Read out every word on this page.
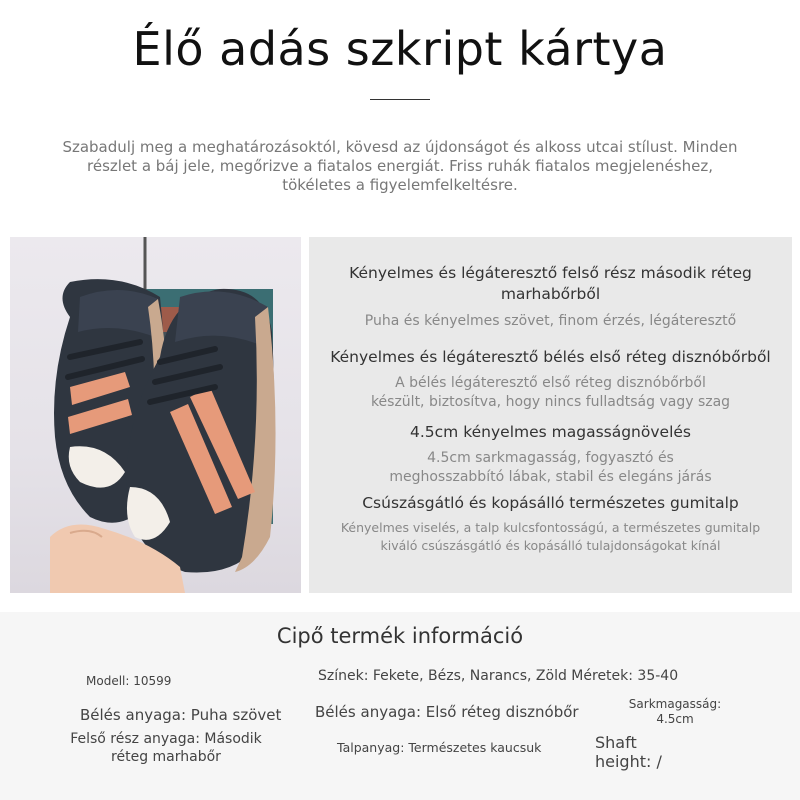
Élő adás szkript kártya
Szabadulj meg a meghatározásoktól, kövesd az újdonságot és alkoss utcai stílust. Minden részlet a báj jele, megőrizve a fiatalos energiát. Friss ruhák fiatalos megjelenéshez, tökéletes a figyelemfelkeltésre.
Kényelmes és légáteresztő felső rész második réteg marhabőrből
Puha és kényelmes szövet, finom érzés, légáteresztő
Kényelmes és légáteresztő bélés első réteg disznóbőrből
A bélés légáteresztő első réteg disznóbőrből készült, biztosítva, hogy nincs fulladtság vagy szag
4.5cm kényelmes magasságnövelés
4.5cm sarkmagasság, fogyasztó és meghosszabbító lábak, stabil és elegáns járás
Csúszásgátló és kopásálló természetes gumitalp
Kényelmes viselés, a talp kulcsfontosságú, a természetes gumitalp kiváló csúszásgátló és kopásálló tulajdonságokat kínál
Cipő termék információ
Modell: 10599	Színek: Fekete, Bézs, Narancs, Zöld Méretek: 35-40
Bélés anyaga: Puha szövet Bélés anyaga: Első réteg disznóbőr	Sarkmagasság: 4.5cm
Felső rész anyaga: Második réteg marhabőr
Talpanyag: Természetes kaucsuk	Shaft height: /
